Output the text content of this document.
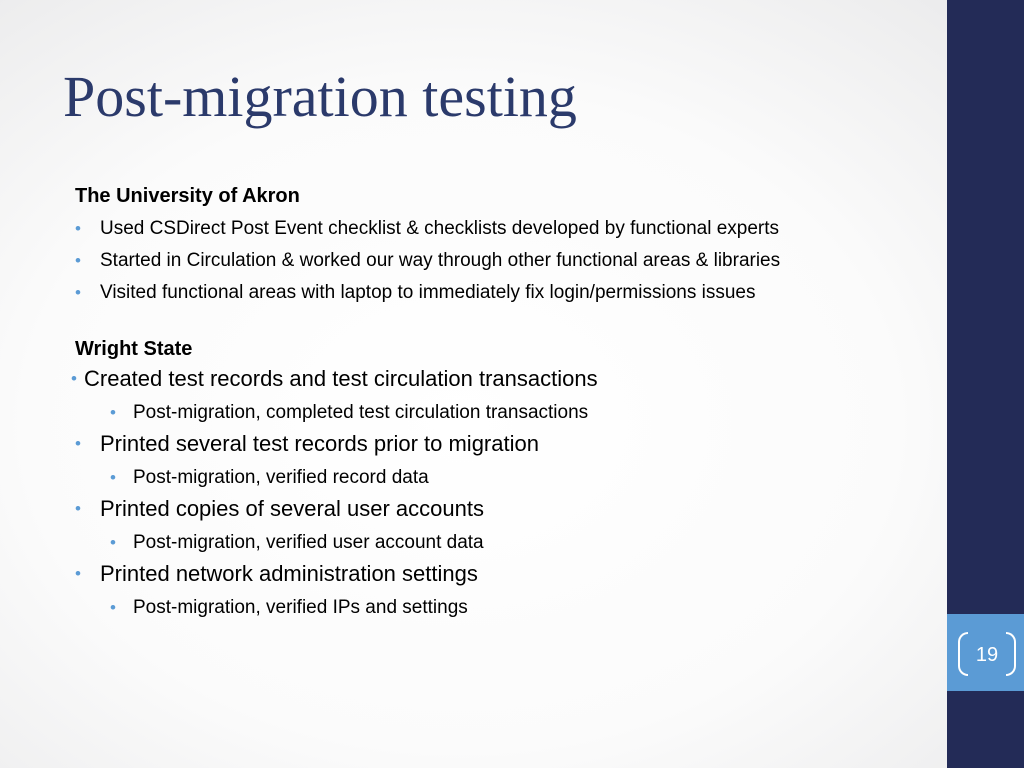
19
Post-migration testing
The University of Akron
• Used CSDirect Post Event checklist & checklists developed by functional experts
• Started in Circulation & worked our way through other functional areas & libraries
• Visited functional areas with laptop to immediately fix login/permissions issues
Wright State
• Created test records and test circulation transactions
• Post-migration, completed test circulation transactions
• Printed several test records prior to migration
• Post-migration, verified record data
• Printed copies of several user accounts
• Post-migration, verified user account data
• Printed network administration settings
• Post-migration, verified IPs and settings
